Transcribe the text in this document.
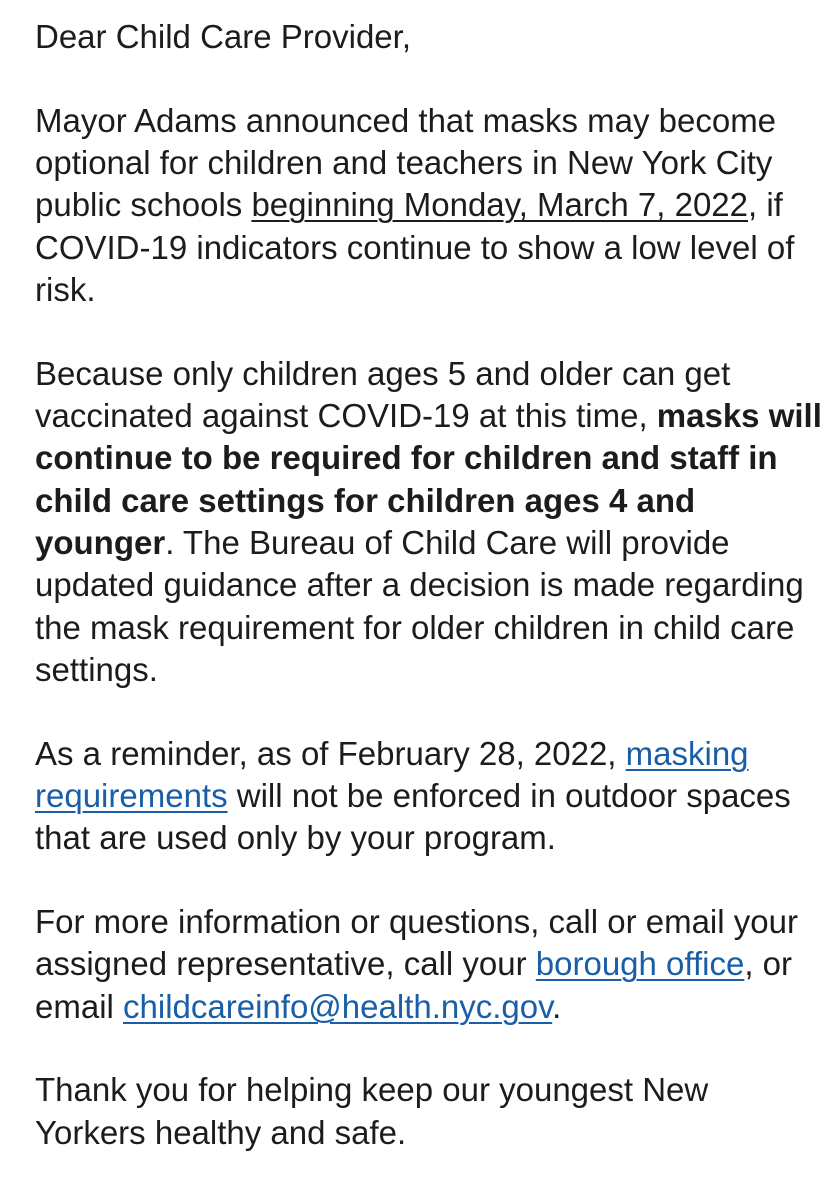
Dear Child Care Provider,

Mayor Adams announced that masks may become optional for children and teachers in New York City public schools beginning Monday, March 7, 2022, if COVID-19 indicators continue to show a low level of risk.

Because only children ages 5 and older can get vaccinated against COVID-19 at this time, masks will continue to be required for children and staff in child care settings for children ages 4 and younger. The Bureau of Child Care will provide updated guidance after a decision is made regarding the mask requirement for older children in child care settings.

As a reminder, as of February 28, 2022, masking requirements will not be enforced in outdoor spaces that are used only by your program.

For more information or questions, call or email your assigned representative, call your borough office, or email childcareinfo@health.nyc.gov.

Thank you for helping keep our youngest New Yorkers healthy and safe.
